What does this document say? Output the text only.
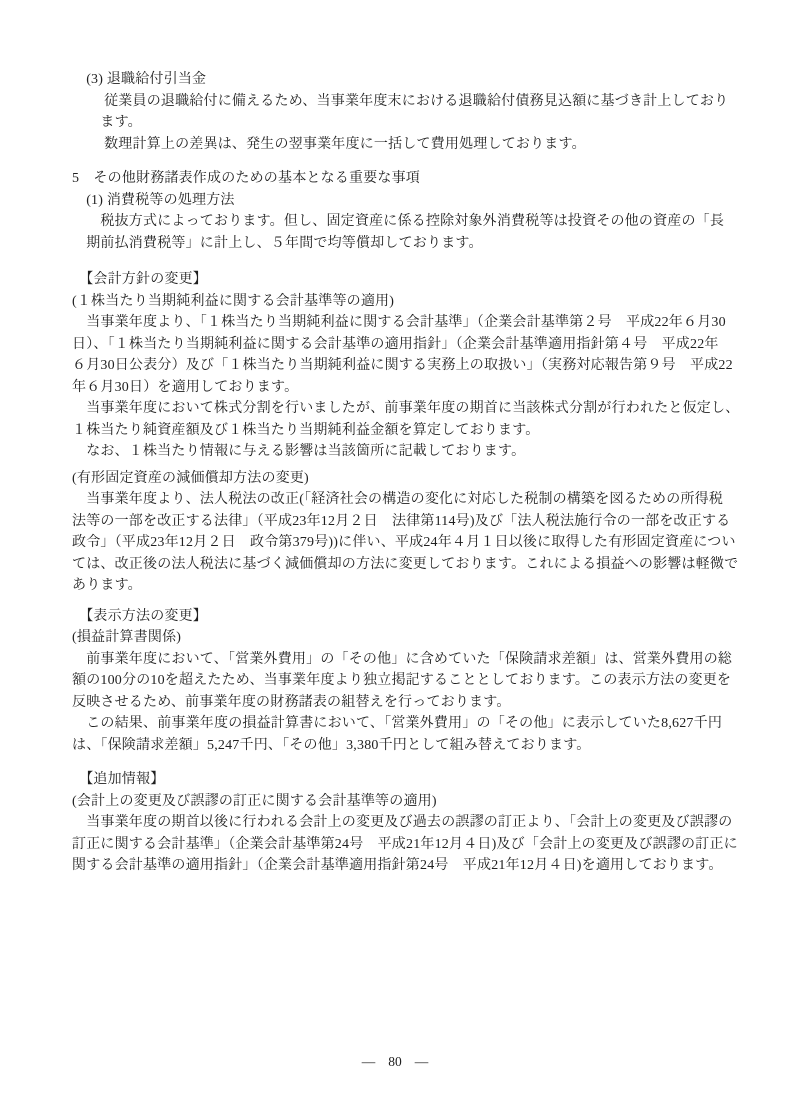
　(3) 退職給付引当金
　　 従業員の退職給付に備えるため、当事業年度末における退職給付債務見込額に基づき計上しており
　　ます。
　　 数理計算上の差異は、発生の翌事業年度に一括して費用処理しております。
5　その他財務諸表作成のための基本となる重要な事項
　(1) 消費税等の処理方法
　　税抜方式によっております。但し、固定資産に係る控除対象外消費税等は投資その他の資産の「長
　期前払消費税等」に計上し、５年間で均等償却しております。
　【会計方針の変更】
(１株当たり当期純利益に関する会計基準等の適用)
　当事業年度より、「１株当たり当期純利益に関する会計基準」（企業会計基準第２号　平成22年６月30
日）、「１株当たり当期純利益に関する会計基準の適用指針」（企業会計基準適用指針第４号　平成22年
６月30日公表分）及び「１株当たり当期純利益に関する実務上の取扱い」（実務対応報告第９号　平成22
年６月30日）を適用しております。
　当事業年度において株式分割を行いましたが、前事業年度の期首に当該株式分割が行われたと仮定し、
１株当たり純資産額及び１株当たり当期純利益金額を算定しております。
　なお、１株当たり情報に与える影響は当該箇所に記載しております。
(有形固定資産の減価償却方法の変更)
　当事業年度より、法人税法の改正(「経済社会の構造の変化に対応した税制の構築を図るための所得税
法等の一部を改正する法律」（平成23年12月２日　法律第114号)及び「法人税法施行令の一部を改正する
政令」（平成23年12月２日　政令第379号))に伴い、平成24年４月１日以後に取得した有形固定資産につい
ては、改正後の法人税法に基づく減価償却の方法に変更しております。これによる損益への影響は軽微で
あります。
　【表示方法の変更】
(損益計算書関係)
　前事業年度において、「営業外費用」の「その他」に含めていた「保険請求差額」は、営業外費用の総
額の100分の10を超えたため、当事業年度より独立掲記することとしております。この表示方法の変更を
反映させるため、前事業年度の財務諸表の組替えを行っております。
　この結果、前事業年度の損益計算書において、「営業外費用」の「その他」に表示していた8,627千円
は、「保険請求差額」5,247千円、「その他」3,380千円として組み替えております。
　【追加情報】
(会計上の変更及び誤謬の訂正に関する会計基準等の適用)
　当事業年度の期首以後に行われる会計上の変更及び過去の誤謬の訂正より、「会計上の変更及び誤謬の
訂正に関する会計基準」（企業会計基準第24号　平成21年12月４日)及び「会計上の変更及び誤謬の訂正に
関する会計基準の適用指針」（企業会計基準適用指針第24号　平成21年12月４日)を適用しております。
― 80 ―
